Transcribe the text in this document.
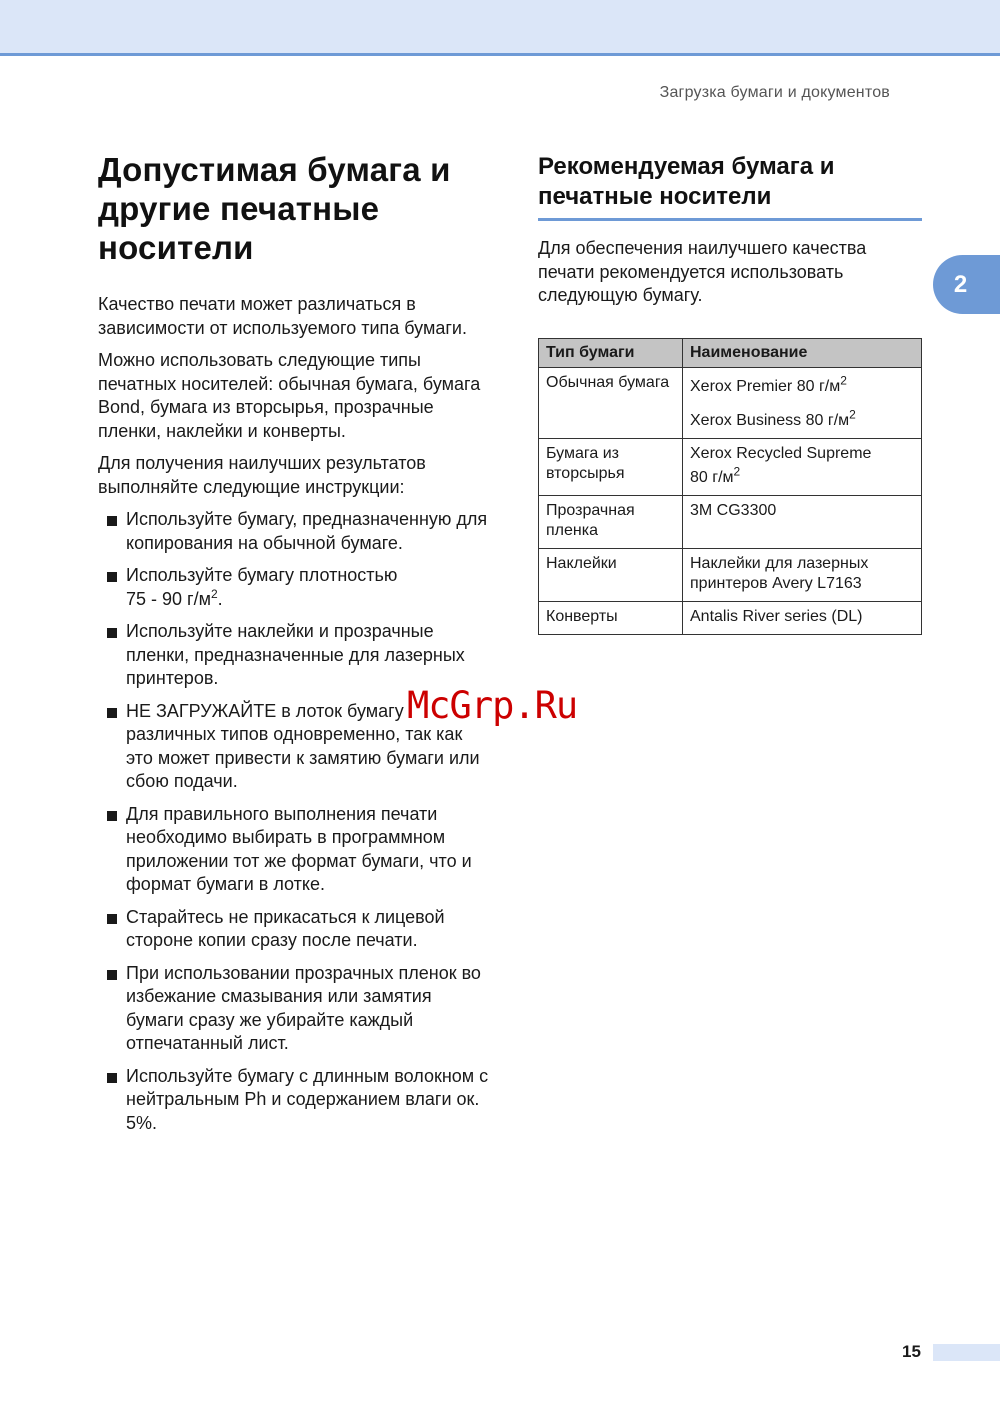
Загрузка бумаги и документов
2
Допустимая бумага и другие печатные носители

Качество печати может различаться в зависимости от используемого типа бумаги.

Можно использовать следующие типы печатных носителей: обычная бумага, бумага Bond, бумага из вторсырья, прозрачные пленки, наклейки и конверты.

Для получения наилучших результатов выполняйте следующие инструкции:

Используйте бумагу, предназначенную для копирования на обычной бумаге.
Используйте бумагу плотностью
75 - 90 $г/м^2$.
Используйте наклейки и прозрачные пленки, предназначенные для лазерных принтеров.
НЕ ЗАГРУЖАЙТЕ в лоток бумагу различных типов одновременно, так как это может привести к замятию бумаги или сбою подачи.
Для правильного выполнения печати необходимо выбирать в программном приложении тот же формат бумаги, что и формат бумаги в лотке.
Старайтесь не прикасаться к лицевой стороне копии сразу после печати.
При использовании прозрачных пленок во избежание смазывания или замятия бумаги сразу же убирайте каждый отпечатанный лист.
Используйте бумагу с длинным волокном с нейтральным Ph и содержанием влаги ок. 5%.
Рекомендуемая бумага и печатные носители

Для обеспечения наилучшего качества печати рекомендуется использовать следующую бумагу.

Тип бумаги	Наименование
Обычная бумага	Xerox Premier 80 $г/м^2$
Xerox Business 80 $г/м^2$

Бумага из вторсырья	Xerox Recycled Supreme
80 $г/м^2$

Прозрачная пленка	3M CG3300
Наклейки	Наклейки для лазерных принтеров Avery L7163
Конверты	Antalis River series (DL)
McGrp.Ru
15
